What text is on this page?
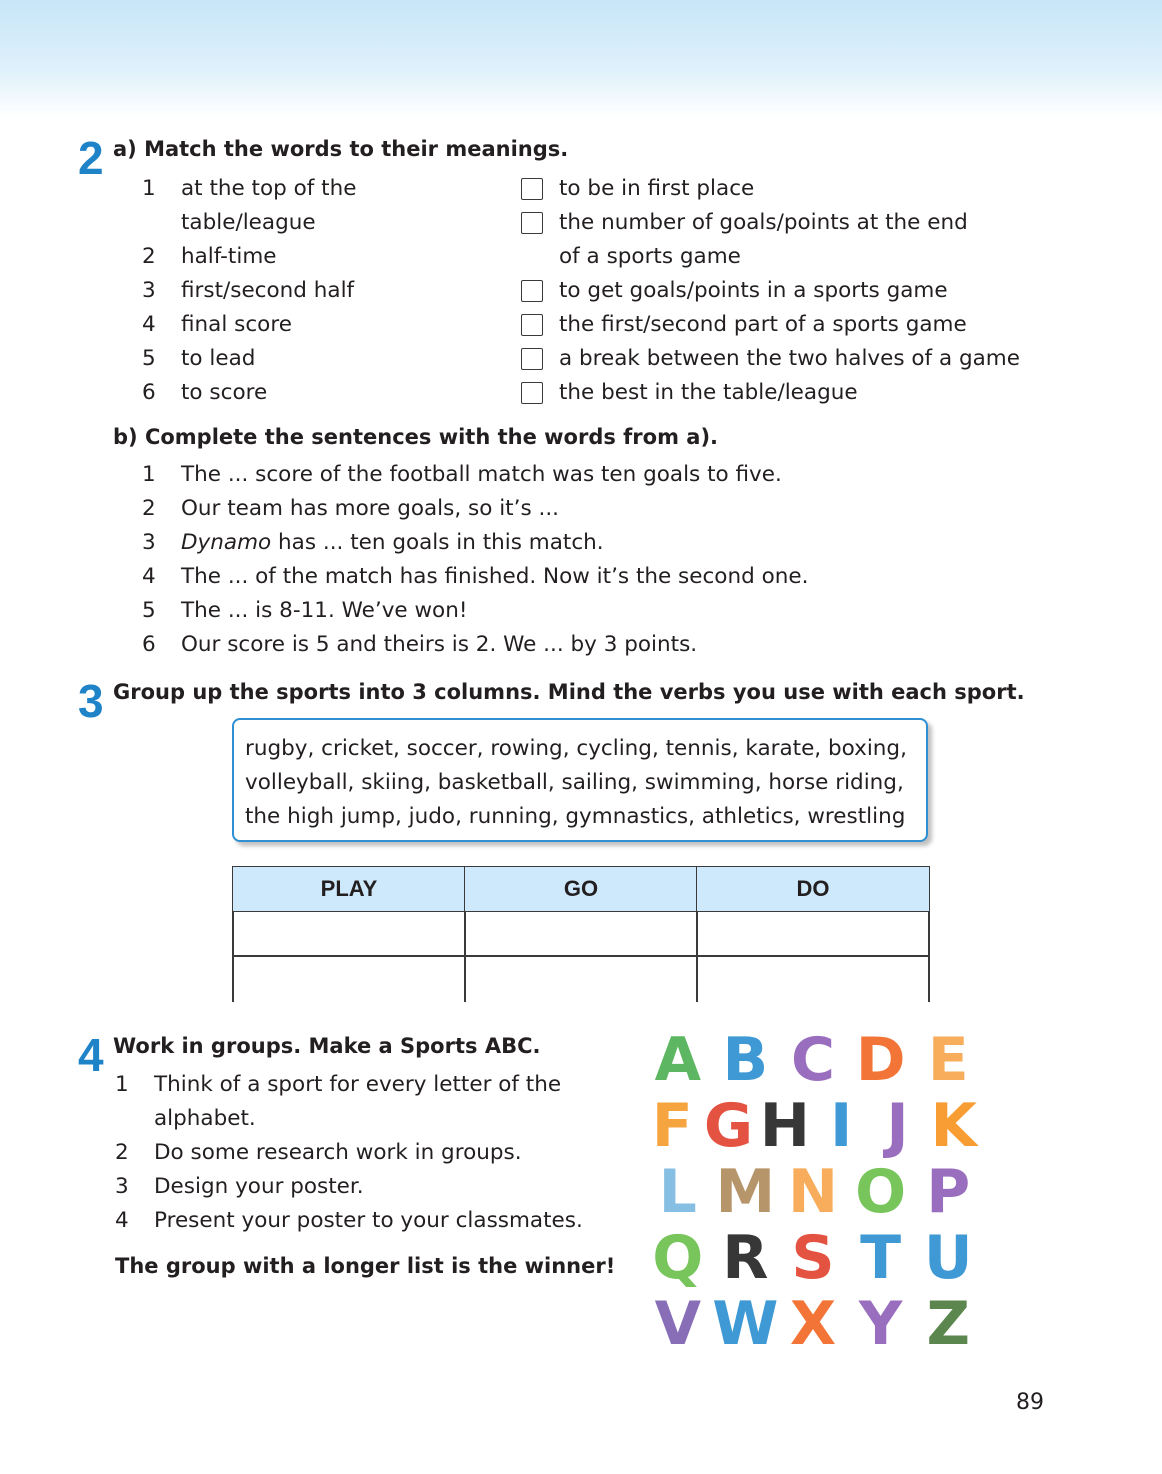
2 a) Match the words to their meanings.
1 at the top of the
table/league
2 half-time
3 first/second half
4 final score
5 to lead
6 to score
to be in first place
the number of goals/points at the end
of a sports game
to get goals/points in a sports game
the first/second part of a sports game
a break between the two halves of a game
the best in the table/league
b) Complete the sentences with the words from a).
1 The ... score of the football match was ten goals to five.
2 Our team has more goals, so it’s ...
3 Dynamo has ... ten goals in this match.
4 The ... of the match has finished. Now it’s the second one.
5 The ... is 8-11. We’ve won!
6 Our score is 5 and theirs is 2. We ... by 3 points.
3 Group up the sports into 3 columns. Mind the verbs you use with each sport.
rugby, cricket, soccer, rowing, cycling, tennis, karate, boxing,
volleyball, skiing, basketball, sailing, swimming, horse riding,
the high jump, judo, running, gymnastics, athletics, wrestling
PLAY	GO	DO
4 Work in groups. Make a Sports ABC.
1 Think of a sport for every letter of the
alphabet.
2 Do some research work in groups.
3 Design your poster.
4 Present your poster to your classmates.
The group with a longer list is the winner!
A B C D E
F G H I J K
L M N O P
Q R S T U
V W X Y Z
89
